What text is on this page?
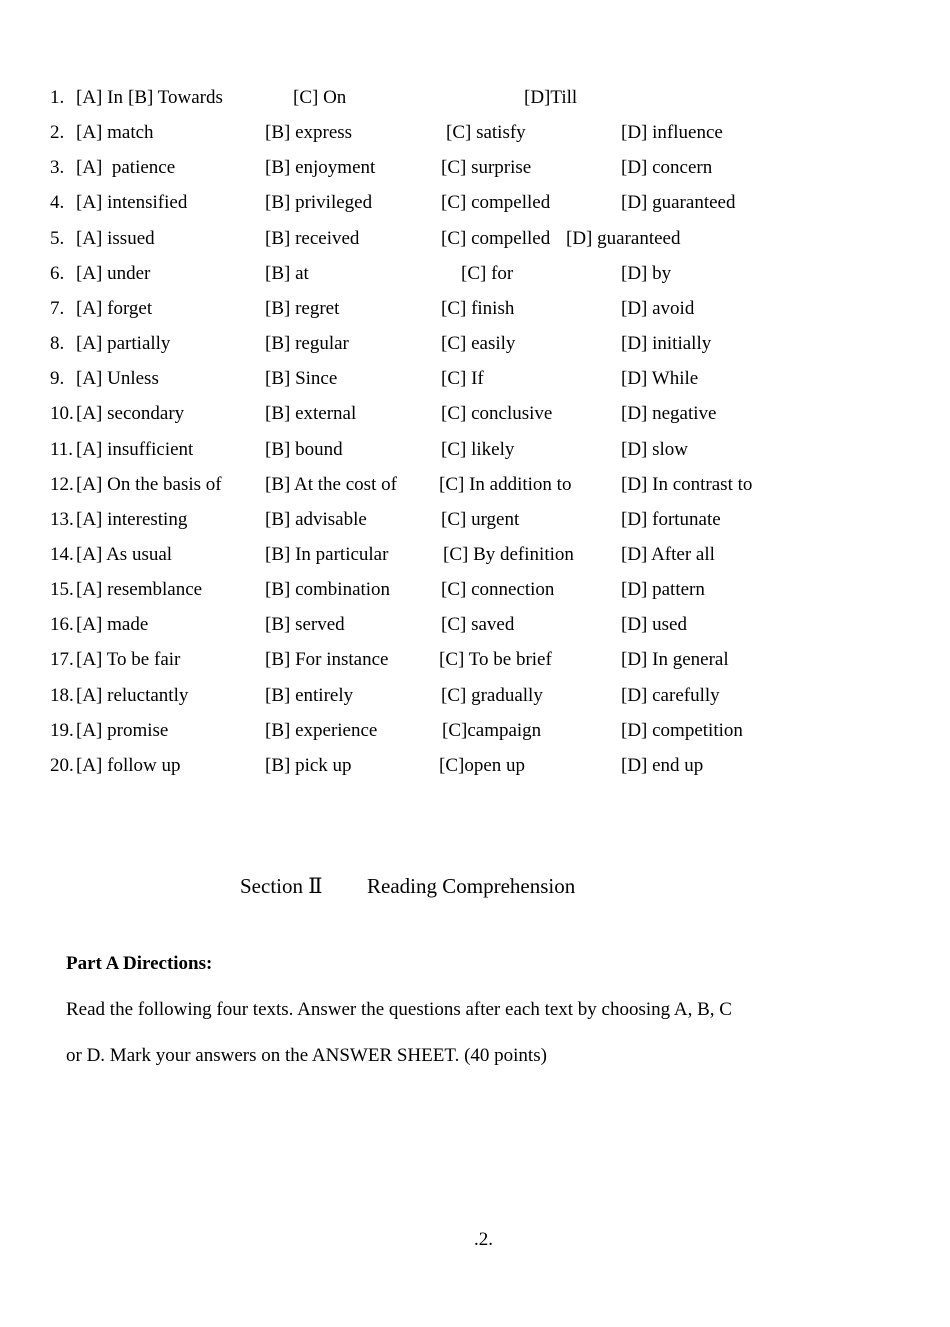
1. [A] In [B] Towards	[C] On	[D]Till
2. [A] match	[B] express	[C] satisfy	[D] influence
3. [A]  patience	[B] enjoyment	[C] surprise	[D] concern
4. [A] intensified	[B] privileged	[C] compelled	[D] guaranteed
5. [A] issued	[B] received	[C] compelled [D] guaranteed
6. [A] under	[B] at	[C] for	[D] by
7. [A] forget	[B] regret	[C] finish	[D] avoid
8. [A] partially	[B] regular	[C] easily	[D] initially
9. [A] Unless	[B] Since	[C] If	[D] While
10. [A] secondary	[B] external	[C] conclusive	[D] negative
11. [A] insufficient	[B] bound	[C] likely	[D] slow
12. [A] On the basis of [B] At the cost of [C] In addition to	[D] In contrast to
13. [A] interesting	[B] advisable	[C] urgent	[D] fortunate
14. [A] As usual	[B] In particular	[C] By definition [D] After all
15. [A] resemblance	[B] combination	[C] connection	[D] pattern
16. [A] made	[B] served	[C] saved	[D] used
17. [A] To be fair	[B] For instance	[C] To be brief	[D] In general
18. [A] reluctantly	[B] entirely	[C] gradually	[D] carefully
19. [A] promise	[B] experience	[C]campaign	[D] competition
20. [A] follow up	[B] pick up	[C]open up	[D] end up
Section Ⅱ Reading Comprehension
Part A Directions:
Read the following four texts. Answer the questions after each text by choosing A, B, C
or D. Mark your answers on the ANSWER SHEET. (40 points)
.2.
